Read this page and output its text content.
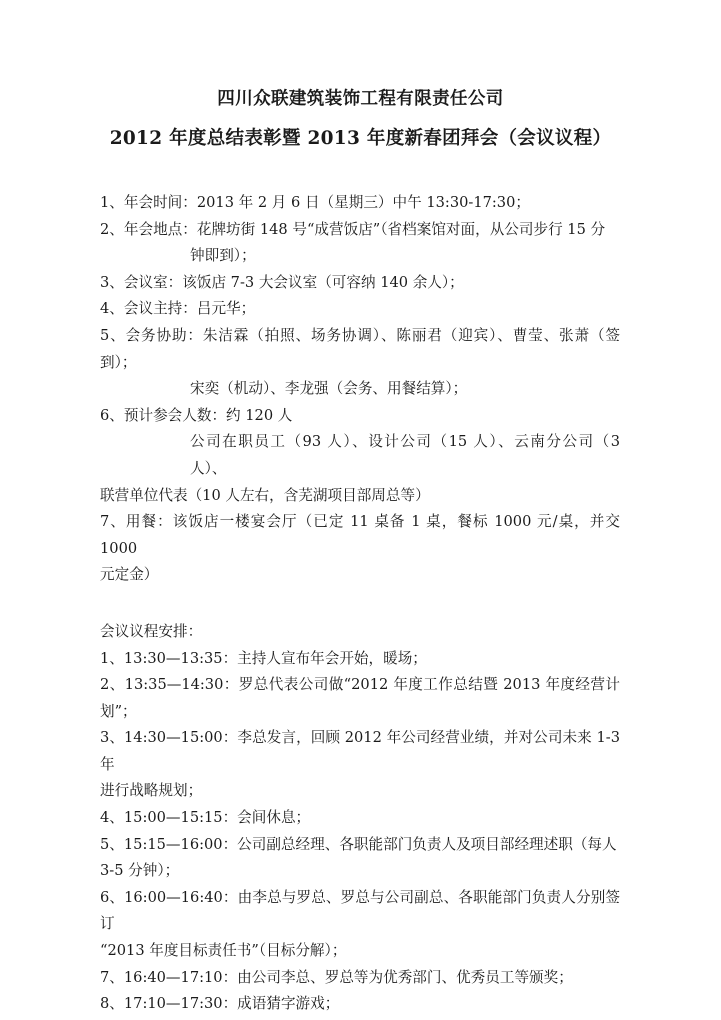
四川众联建筑装饰工程有限责任公司
2012 年度总结表彰暨 2013 年度新春团拜会（会议议程）
1、年会时间：2013 年 2 月 6 日（星期三）中午 13:30-17:30；
2、年会地点：花牌坊街 148 号“成营饭店”（省档案馆对面，从公司步行 15 分
钟即到）；
3、会议室：该饭店 7-3 大会议室（可容纳 140 余人）；
4、会议主持：吕元华；
5、会务协助：朱洁霖（拍照、场务协调）、陈丽君（迎宾）、曹莹、张萧（签到）；
宋奕（机动）、李龙强（会务、用餐结算）；
6、预计参会人数：约 120 人
公司在职员工（93 人）、设计公司（15 人）、云南分公司（3 人）、
联营单位代表（10 人左右，含芜湖项目部周总等）
7、用餐：该饭店一楼宴会厅（已定 11 桌备 1 桌，餐标 1000 元/桌，并交 1000
元定金）
会议议程安排：
1、13:30—13:35：主持人宣布年会开始，暖场；
2、13:35—14:30：罗总代表公司做“2012 年度工作总结暨 2013 年度经营计划”；
3、14:30—15:00：李总发言，回顾 2012 年公司经营业绩，并对公司未来 1-3 年
进行战略规划；
4、15:00—15:15：会间休息；
5、15:15—16:00：公司副总经理、各职能部门负责人及项目部经理述职（每人
3-5 分钟）；
6、16:00—16:40：由李总与罗总、罗总与公司副总、各职能部门负责人分别签订
“2013 年度目标责任书”（目标分解）；
7、16:40—17:10：由公司李总、罗总等为优秀部门、优秀员工等颁奖；
8、17:10—17:30：成语猜字游戏；
